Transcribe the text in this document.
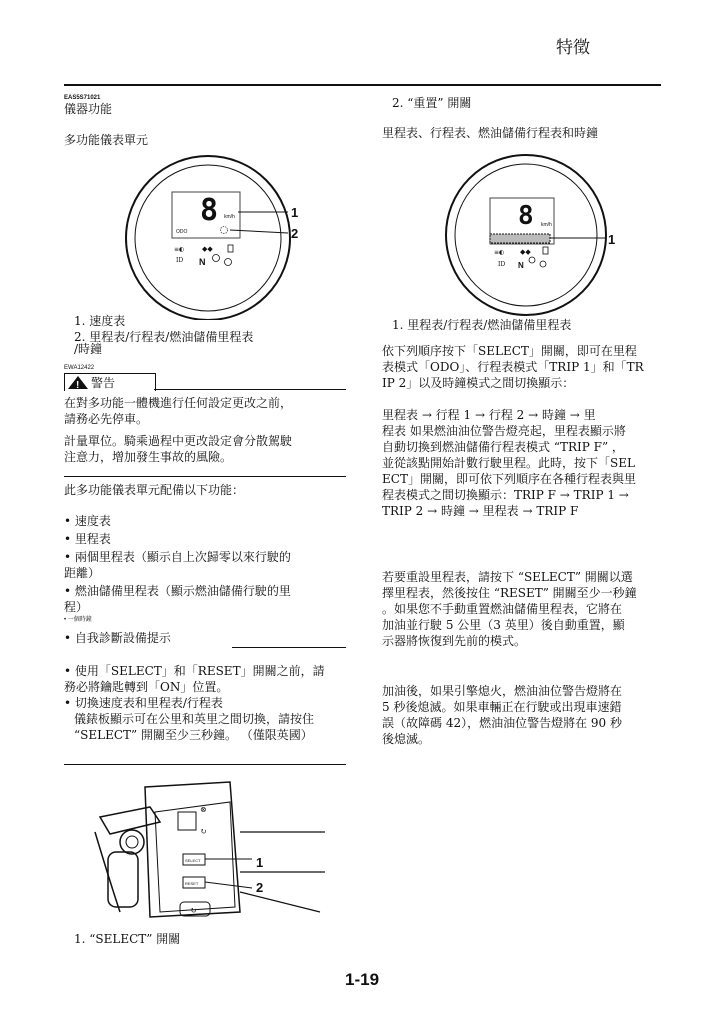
特徵
EAS5S71021
儀器功能
多功能儀表單元
8 km/h
ODO
≡◐	◆◆
ID N
1
2
1. 速度表
2. 里程表/行程表/燃油儲備里程表
/時鐘
EWA12422
! 警告
在對多功能一體機進行任何設定更改之前，
請務必先停車。
計量單位。騎乘過程中更改設定會分散駕駛
注意力，增加發生事故的風險。
此多功能儀表單元配備以下功能：
• 速度表
• 里程表
• 兩個里程表（顯示自上次歸零以來行駛的
距離）
• 燃油儲備里程表（顯示燃油儲備行駛的里
程）
• 一個時鐘
• 自我診斷設備提示
• 使用「SELECT」和「RESET」開關之前，請
務必將鑰匙轉到「ON」位置。
• 切換速度表和里程表/行程表
儀錶板顯示可在公里和英里之間切換，請按住
“SELECT” 開關至少三秒鐘。 （僅限英國）
⊗
↻
SELECT
RESET
↻
1
2
1. “SELECT” 開關
2. “重置” 開關
里程表、行程表、燃油儲備行程表和時鐘
8 km/h
≡◐ ◆◆
ID N
1
1. 里程表/行程表/燃油儲備里程表
依下列順序按下「SELECT」開關，即可在里程
表模式「ODO」、行程表模式「TRIP 1」和「TR
IP 2」以及時鐘模式之間切換顯示：
里程表 → 行程 1 → 行程 2 → 時鐘 → 里
程表 如果燃油油位警告燈亮起，里程表顯示將
自動切換到燃油儲備行程表模式 “TRIP F” ，
並從該點開始計數行駛里程。此時，按下「SEL
ECT」開關，即可依下列順序在各種行程表與里
程表模式之間切換顯示：TRIP F → TRIP 1 →
TRIP 2 → 時鐘 → 里程表 → TRIP F
若要重設里程表，請按下 “SELECT” 開關以選
擇里程表，然後按住 “RESET” 開關至少一秒鐘
。如果您不手動重置燃油儲備里程表，它將在
加油並行駛 5 公里（3 英里）後自動重置，顯
示器將恢復到先前的模式。
加油後，如果引擎熄火，燃油油位警告燈將在
5 秒後熄滅。如果車輛正在行駛或出現車速錯
誤（故障碼 42），燃油油位警告燈將在 90 秒
後熄滅。
1-19
